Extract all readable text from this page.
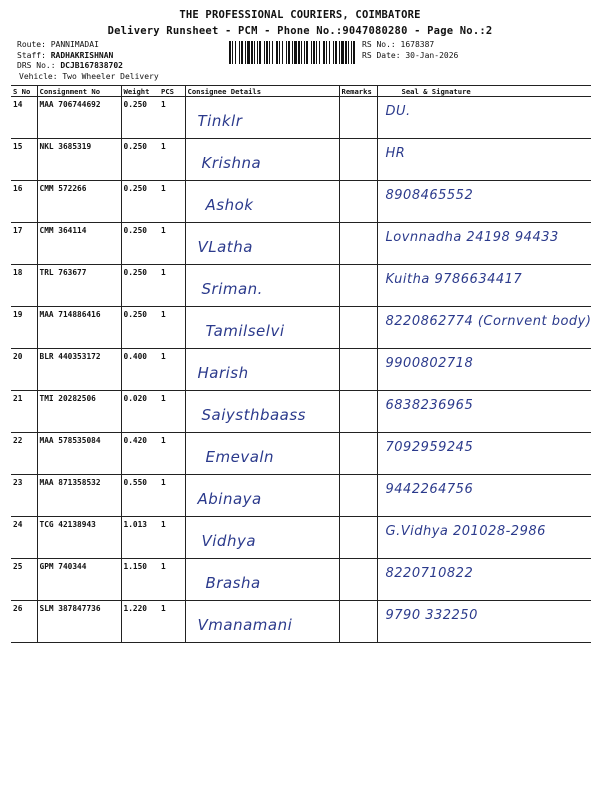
THE PROFESSIONAL COURIERS, COIMBATORE
Delivery Runsheet - PCM - Phone No.:9047080280 - Page No.:2
Route: PANNIMADAI
Staff: RADHAKRISHNAN
DRS No.: DCJB167838702
Vehicle: Two Wheeler Delivery
RS No.: 1678387
RS Date: 30-Jan-2026
S No	Consignment No	Weight	PCS	Consignee Details	Remarks	Seal & Signature
14	MAA 706744692	0.250	1	Tinklr		DU.
15	NKL 3685319	0.250	1	Krishna		HR
16	CMM 572266	0.250	1	Ashok		8908465552
17	CMM 364114	0.250	1	VLatha		Lovnnadha 24198 94433
18	TRL 763677	0.250	1	Sriman.		Kuitha 9786634417
19	MAA 714886416	0.250	1	Tamilselvi		8220862774 (Cornvent body)
20	BLR 440353172	0.400	1	Harish		9900802718
21	TMI 20282506	0.020	1	Saiysthbaass		6838236965
22	MAA 578535084	0.420	1	Emevaln		7092959245
23	MAA 871358532	0.550	1	Abinaya		9442264756
24	TCG 42138943	1.013	1	Vidhya		G.Vidhya 201028-2986
25	GPM 740344	1.150	1	Brasha		8220710822
26	SLM 387847736	1.220	1	Vmanamani		9790 332250
